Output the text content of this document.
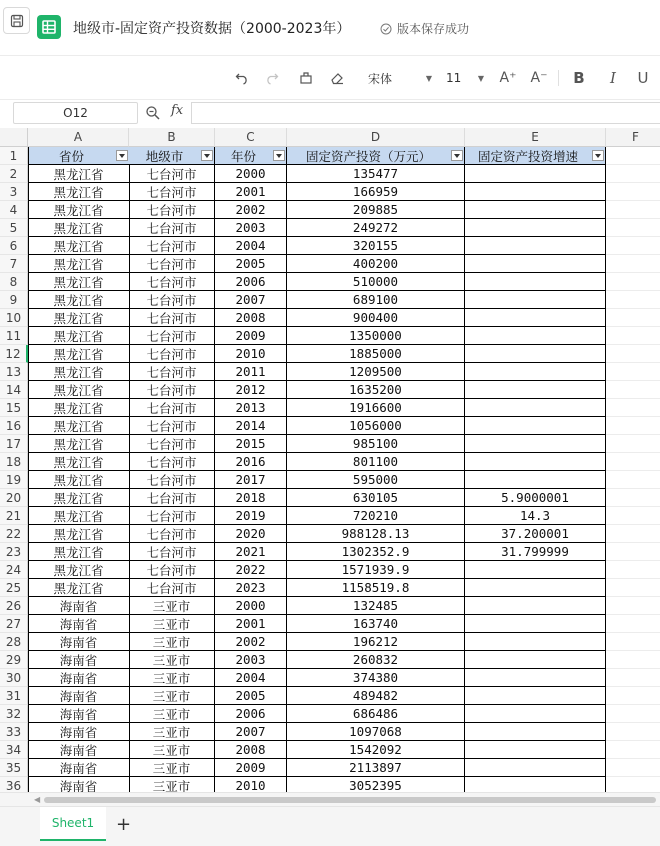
地级市-固定资产投资数据（2000-2023年）	版本保存成功
宋体	▼ 11 ▼ A⁺ A⁻ B I U
O12	fx
A	B	C	D	E	F
1	省份	地级市	年份	固定资产投资（万元）	固定资产投资增速
2	黑龙江省	七台河市	2000	135477
3	黑龙江省	七台河市	2001	166959
4	黑龙江省	七台河市	2002	209885
5	黑龙江省	七台河市	2003	249272
6	黑龙江省	七台河市	2004	320155
7	黑龙江省	七台河市	2005	400200
8	黑龙江省	七台河市	2006	510000
9	黑龙江省	七台河市	2007	689100
10	黑龙江省	七台河市	2008	900400
11	黑龙江省	七台河市	2009	1350000
12	黑龙江省	七台河市	2010	1885000
13	黑龙江省	七台河市	2011	1209500
14	黑龙江省	七台河市	2012	1635200
15	黑龙江省	七台河市	2013	1916600
16	黑龙江省	七台河市	2014	1056000
17	黑龙江省	七台河市	2015	985100
18	黑龙江省	七台河市	2016	801100
19	黑龙江省	七台河市	2017	595000
20	黑龙江省	七台河市	2018	630105	5.9000001
21	黑龙江省	七台河市	2019	720210	14.3
22	黑龙江省	七台河市	2020	988128.13	37.200001
23	黑龙江省	七台河市	2021	1302352.9	31.799999
24	黑龙江省	七台河市	2022	1571939.9
25	黑龙江省	七台河市	2023	1158519.8
26	海南省	三亚市	2000	132485
27	海南省	三亚市	2001	163740
28	海南省	三亚市	2002	196212
29	海南省	三亚市	2003	260832
30	海南省	三亚市	2004	374380
31	海南省	三亚市	2005	489482
32	海南省	三亚市	2006	686486
33	海南省	三亚市	2007	1097068
34	海南省	三亚市	2008	1542092
35	海南省	三亚市	2009	2113897
36	海南省	三亚市	2010	3052395
◀
Sheet1	+
